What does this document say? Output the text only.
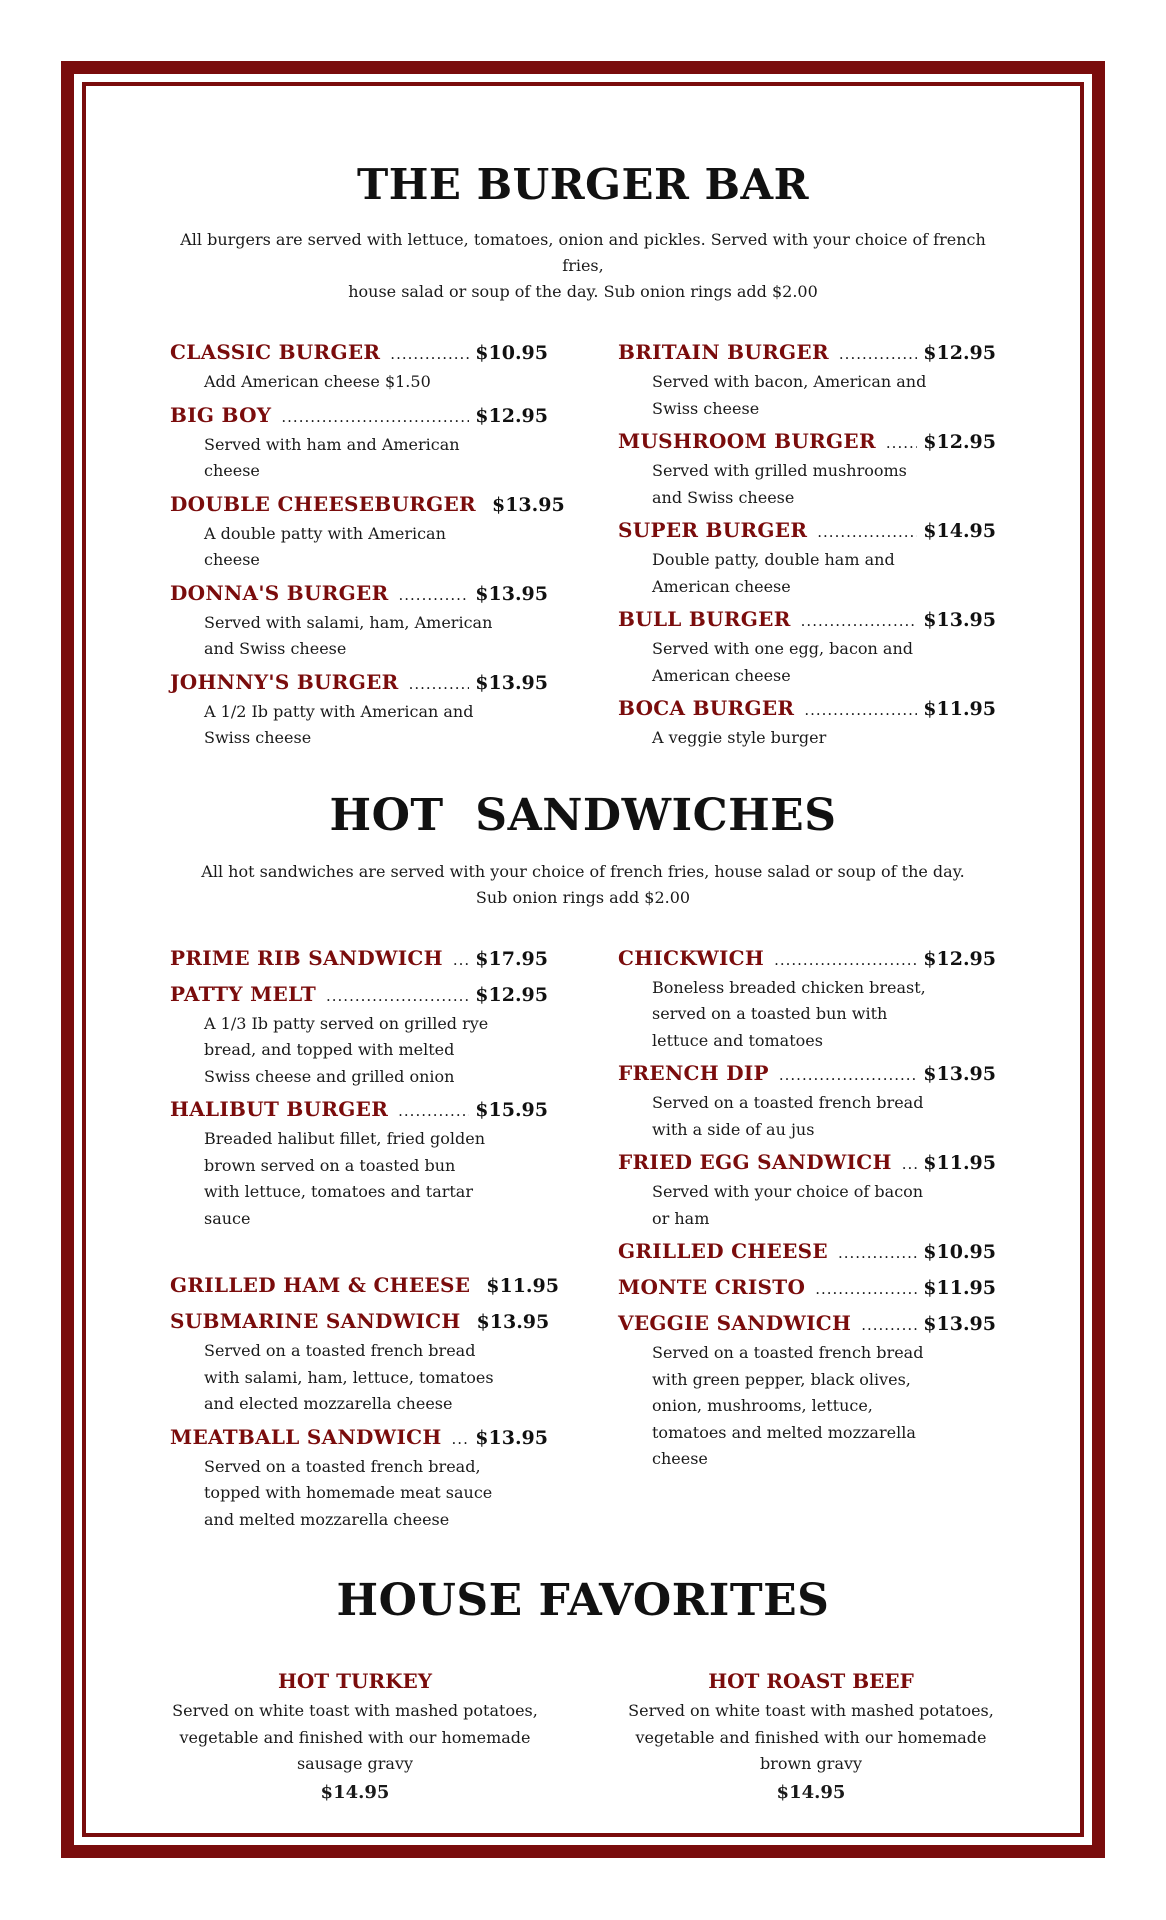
THE BURGER BAR

All burgers are served with lettuce, tomatoes, onion and pickles. Served with your choice of french fries,
house salad or soup of the day. Sub onion rings add $2.00

CLASSIC BURGER .....	$10.95
Add American cheese $1.50
BIG BOY .....	$12.95
Served with ham and American cheese
DOUBLE CHEESEBURGER $13.95
A double patty with American cheese
DONNA'S BURGER .....	$13.95
Served with salami, ham, American and Swiss cheese
JOHNNY'S BURGER .....	$13.95
A 1/2 Ib patty with American and Swiss cheese
BRITAIN BURGER .....	$12.95
Served with bacon, American and Swiss cheese
MUSHROOM BURGER ..... $12.95
Served with grilled mushrooms and Swiss cheese
SUPER BURGER .....	$14.95
Double patty, double ham and American cheese
BULL BURGER .....	$13.95
Served with one egg, bacon and American cheese
BOCA BURGER .....	$11.95
A veggie style burger
HOT  SANDWICHES

All hot sandwiches are served with your choice of french fries, house salad or soup of the day.
Sub onion rings add $2.00

PRIME RIB SANDWICH ..... $17.95
PATTY MELT .....	$12.95
A 1/3 Ib patty served on grilled rye bread, and topped with melted Swiss cheese and grilled onion
HALIBUT BURGER .....	$15.95
Breaded halibut fillet, fried golden brown served on a toasted bun with lettuce, tomatoes and tartar sauce
GRILLED HAM & CHEESE $11.95
SUBMARINE SANDWICH $13.95
Served on a toasted french bread with salami, ham, lettuce, tomatoes and elected mozzarella cheese
MEATBALL SANDWICH ..... $13.95
Served on a toasted french bread, topped with homemade meat sauce and melted mozzarella cheese
CHICKWICH .....	$12.95
Boneless breaded chicken breast, served on a toasted bun with lettuce and tomatoes
FRENCH DIP .....	$13.95
Served on a toasted french bread with a side of au jus
FRIED EGG SANDWICH ..... $11.95
Served with your choice of bacon or ham
GRILLED CHEESE .....	$10.95
MONTE CRISTO .....	$11.95
VEGGIE SANDWICH .....	$13.95
Served on a toasted french bread with green pepper, black olives, onion, mushrooms, lettuce, tomatoes and melted mozzarella cheese
HOUSE FAVORITES
HOT TURKEY
Served on white toast with mashed potatoes, vegetable and finished with our homemade sausage gravy
$14.95
HOT ROAST BEEF
Served on white toast with mashed potatoes, vegetable and finished with our homemade brown gravy
$14.95
